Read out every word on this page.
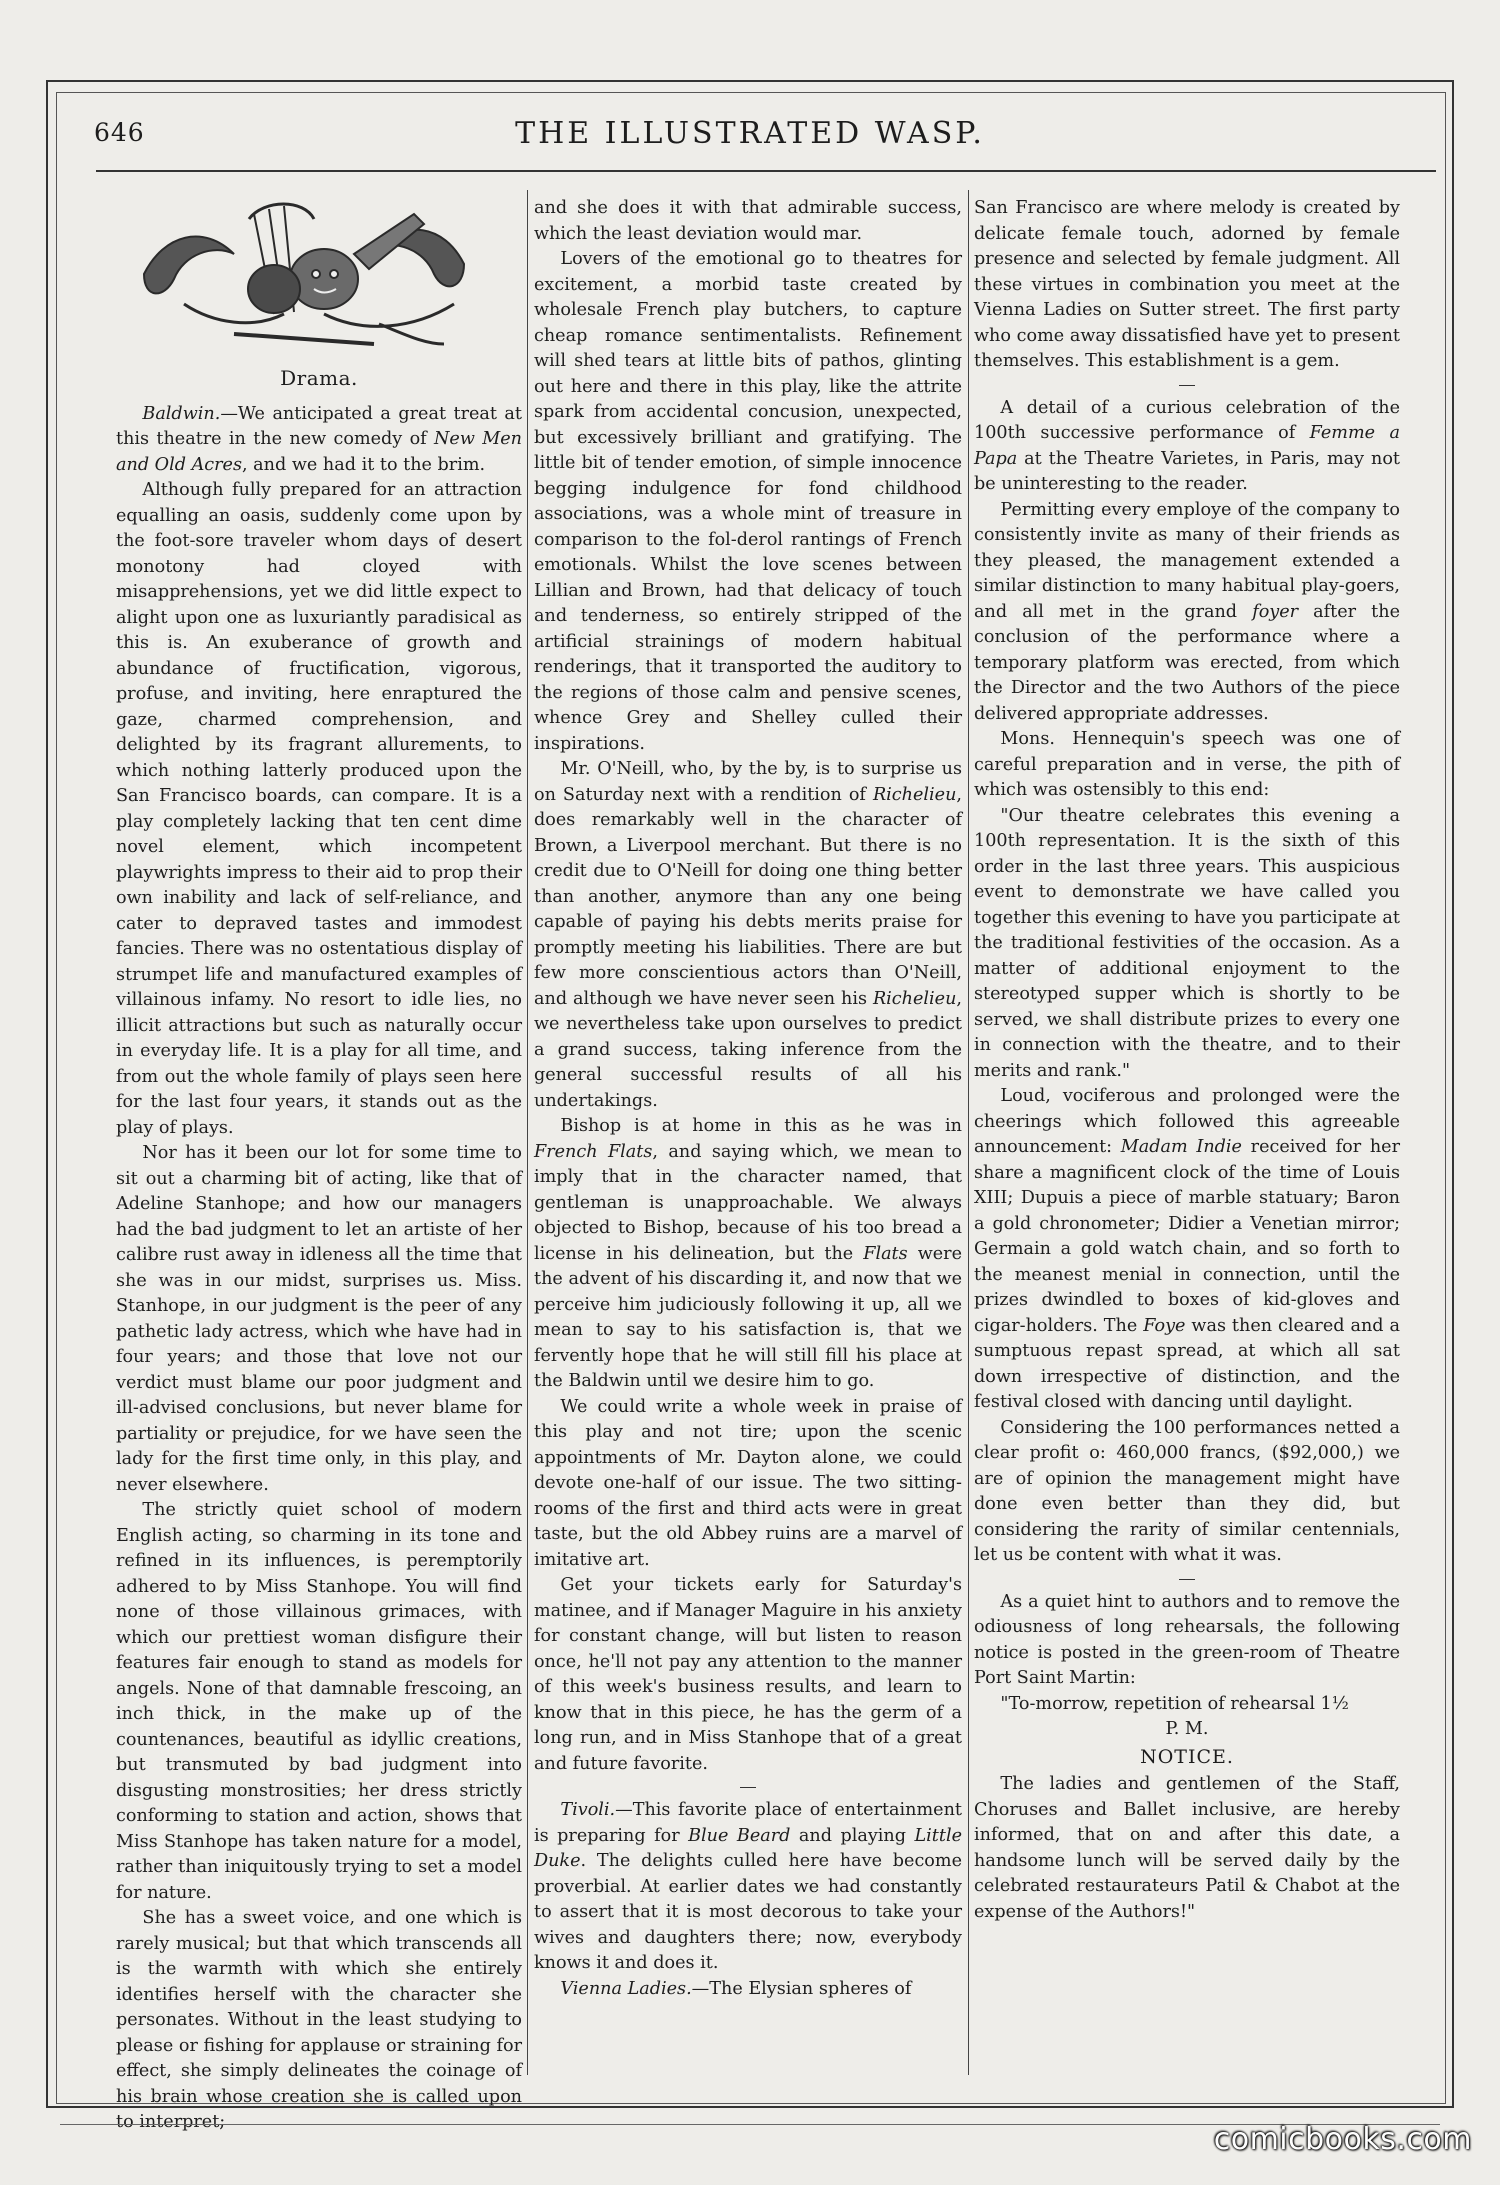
646	THE ILLUSTRATED WASP.
Drama.

Baldwin.—We anticipated a great treat at this theatre in the new comedy of New Men and Old Acres, and we had it to the brim.

Although fully prepared for an attraction equalling an oasis, suddenly come upon by the foot-sore traveler whom days of desert monotony had cloyed with misapprehensions, yet we did little expect to alight upon one as luxuriantly paradisical as this is. An exuberance of growth and abundance of fructification, vigorous, profuse, and inviting, here enraptured the gaze, charmed comprehension, and delighted by its fragrant allurements, to which nothing latterly produced upon the San Francisco boards, can compare. It is a play completely lacking that ten cent dime novel element, which incompetent playwrights impress to their aid to prop their own inability and lack of self-reliance, and cater to depraved tastes and immodest fancies. There was no ostentatious display of strumpet life and manufactured examples of villainous infamy. No resort to idle lies, no illicit attractions but such as naturally occur in everyday life. It is a play for all time, and from out the whole family of plays seen here for the last four years, it stands out as the play of plays.

Nor has it been our lot for some time to sit out a charming bit of acting, like that of Adeline Stanhope; and how our managers had the bad judgment to let an artiste of her calibre rust away in idleness all the time that she was in our midst, surprises us. Miss. Stanhope, in our judgment is the peer of any pathetic lady actress, which whe have had in four years; and those that love not our verdict must blame our poor judgment and ill-advised conclusions, but never blame for partiality or prejudice, for we have seen the lady for the first time only, in this play, and never elsewhere.

The strictly quiet school of modern English acting, so charming in its tone and refined in its influences, is peremptorily adhered to by Miss Stanhope. You will find none of those villainous grimaces, with which our prettiest woman disfigure their features fair enough to stand as models for angels. None of that damnable frescoing, an inch thick, in the make up of the countenances, beautiful as idyllic creations, but transmuted by bad judgment into disgusting monstrosities; her dress strictly conforming to station and action, shows that Miss Stanhope has taken nature for a model, rather than iniquitously trying to set a model for nature.

She has a sweet voice, and one which is rarely musical; but that which transcends all is the warmth with which she entirely identifies herself with the character she personates. Without in the least studying to please or fishing for applause or straining for effect, she simply delineates the coinage of his brain whose creation she is called upon to interpret;

and she does it with that admirable success, which the least deviation would mar.

Lovers of the emotional go to theatres for excitement, a morbid taste created by wholesale French play butchers, to capture cheap romance sentimentalists. Refinement will shed tears at little bits of pathos, glinting out here and there in this play, like the attrite spark from accidental concusion, unexpected, but excessively brilliant and gratifying. The little bit of tender emotion, of simple innocence begging indulgence for fond childhood associations, was a whole mint of treasure in comparison to the fol-derol rantings of French emotionals. Whilst the love scenes between Lillian and Brown, had that delicacy of touch and tenderness, so entirely stripped of the artificial strainings of modern habitual renderings, that it transported the auditory to the regions of those calm and pensive scenes, whence Grey and Shelley culled their inspirations.

Mr. O'Neill, who, by the by, is to surprise us on Saturday next with a rendition of Richelieu, does remarkably well in the character of Brown, a Liverpool merchant. But there is no credit due to O'Neill for doing one thing better than another, anymore than any one being capable of paying his debts merits praise for promptly meeting his liabilities. There are but few more conscientious actors than O'Neill, and although we have never seen his Richelieu, we nevertheless take upon ourselves to predict a grand success, taking inference from the general successful results of all his undertakings.

Bishop is at home in this as he was in French Flats, and saying which, we mean to imply that in the character named, that gentleman is unapproachable. We always objected to Bishop, because of his too bread a license in his delineation, but the Flats were the advent of his discarding it, and now that we perceive him judiciously following it up, all we mean to say to his satisfaction is, that we fervently hope that he will still fill his place at the Baldwin until we desire him to go.

We could write a whole week in praise of this play and not tire; upon the scenic appointments of Mr. Dayton alone, we could devote one-half of our issue. The two sitting-rooms of the first and third acts were in great taste, but the old Abbey ruins are a marvel of imitative art.

Get your tickets early for Saturday's matinee, and if Manager Maguire in his anxiety for constant change, will but listen to reason once, he'll not pay any attention to the manner of this week's business results, and learn to know that in this piece, he has the germ of a long run, and in Miss Stanhope that of a great and future favorite.

Tivoli.—This favorite place of entertainment is preparing for Blue Beard and playing Little Duke. The delights culled here have become proverbial. At earlier dates we had constantly to assert that it is most decorous to take your wives and daughters there; now, everybody knows it and does it.

Vienna Ladies.—The Elysian spheres of

San Francisco are where melody is created by delicate female touch, adorned by female presence and selected by female judgment. All these virtues in combination you meet at the Vienna Ladies on Sutter street. The first party who come away dissatisfied have yet to present themselves. This establishment is a gem.

A detail of a curious celebration of the 100th successive performance of Femme a Papa at the Theatre Varietes, in Paris, may not be uninteresting to the reader.

Permitting every employe of the company to consistently invite as many of their friends as they pleased, the management extended a similar distinction to many habitual play-goers, and all met in the grand foyer after the conclusion of the performance where a temporary platform was erected, from which the Director and the two Authors of the piece delivered appropriate addresses.

Mons. Hennequin's speech was one of careful preparation and in verse, the pith of which was ostensibly to this end:

"Our theatre celebrates this evening a 100th representation. It is the sixth of this order in the last three years. This auspicious event to demonstrate we have called you together this evening to have you participate at the traditional festivities of the occasion. As a matter of additional enjoyment to the stereotyped supper which is shortly to be served, we shall distribute prizes to every one in connection with the theatre, and to their merits and rank."

Loud, vociferous and prolonged were the cheerings which followed this agreeable announcement: Madam Indie received for her share a magnificent clock of the time of Louis XIII; Dupuis a piece of marble statuary; Baron a gold chronometer; Didier a Venetian mirror; Germain a gold watch chain, and so forth to the meanest menial in connection, until the prizes dwindled to boxes of kid-gloves and cigar-holders. The Foye was then cleared and a sumptuous repast spread, at which all sat down irrespective of distinction, and the festival closed with dancing until daylight.

Considering the 100 performances netted a clear profit o: 460,000 francs, ($92,000,) we are of opinion the management might have done even better than they did, but considering the rarity of similar centennials, let us be content with what it was.

As a quiet hint to authors and to remove the odiousness of long rehearsals, the following notice is posted in the green-room of Theatre Port Saint Martin:

"To-morrow, repetition of rehearsal 1½

P. M.

NOTICE.

The ladies and gentlemen of the Staff, Choruses and Ballet inclusive, are hereby informed, that on and after this date, a handsome lunch will be served daily by the celebrated restaurateurs Patil & Chabot at the expense of the Authors!"

comicbooks.com
